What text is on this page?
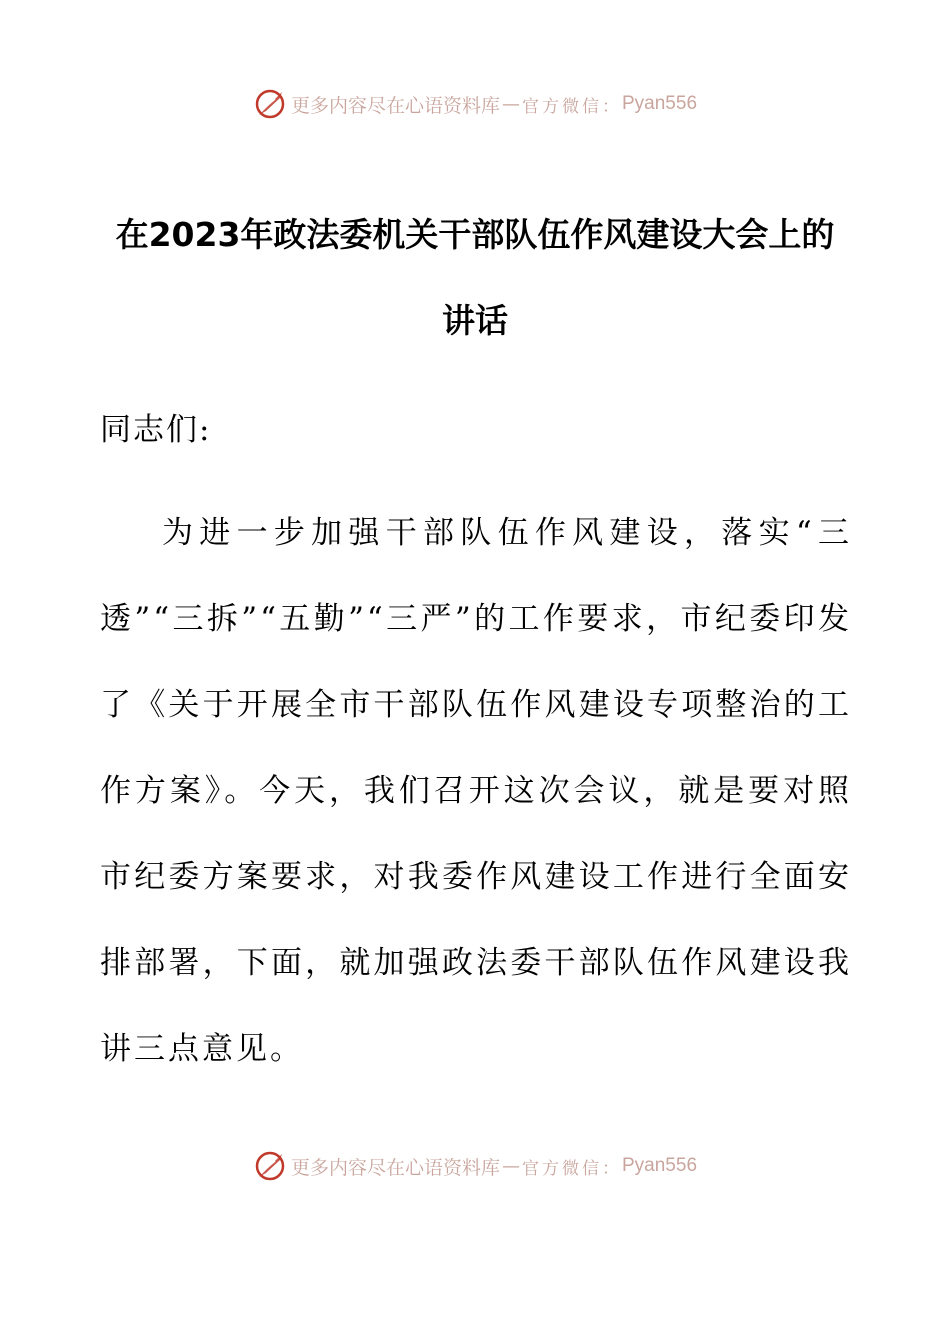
更多内容尽在心语资料库 — 官方微信： Pyan556
在2023年政法委机关干部队伍作风建设大会上的
讲话

同志们:

为进一步加强干部队伍作风建设，落实“三透”“三拆”“五勤”“三严”的工作要求，市纪委印发了《关于开展全市干部队伍作风建设专项整治的工作方案》。今天，我们召开这次会议，就是要对照市纪委方案要求，对我委作风建设工作进行全面安排部署，下面，就加强政法委干部队伍作风建设我讲三点意见。

更多内容尽在心语资料库 — 官方微信： Pyan556
